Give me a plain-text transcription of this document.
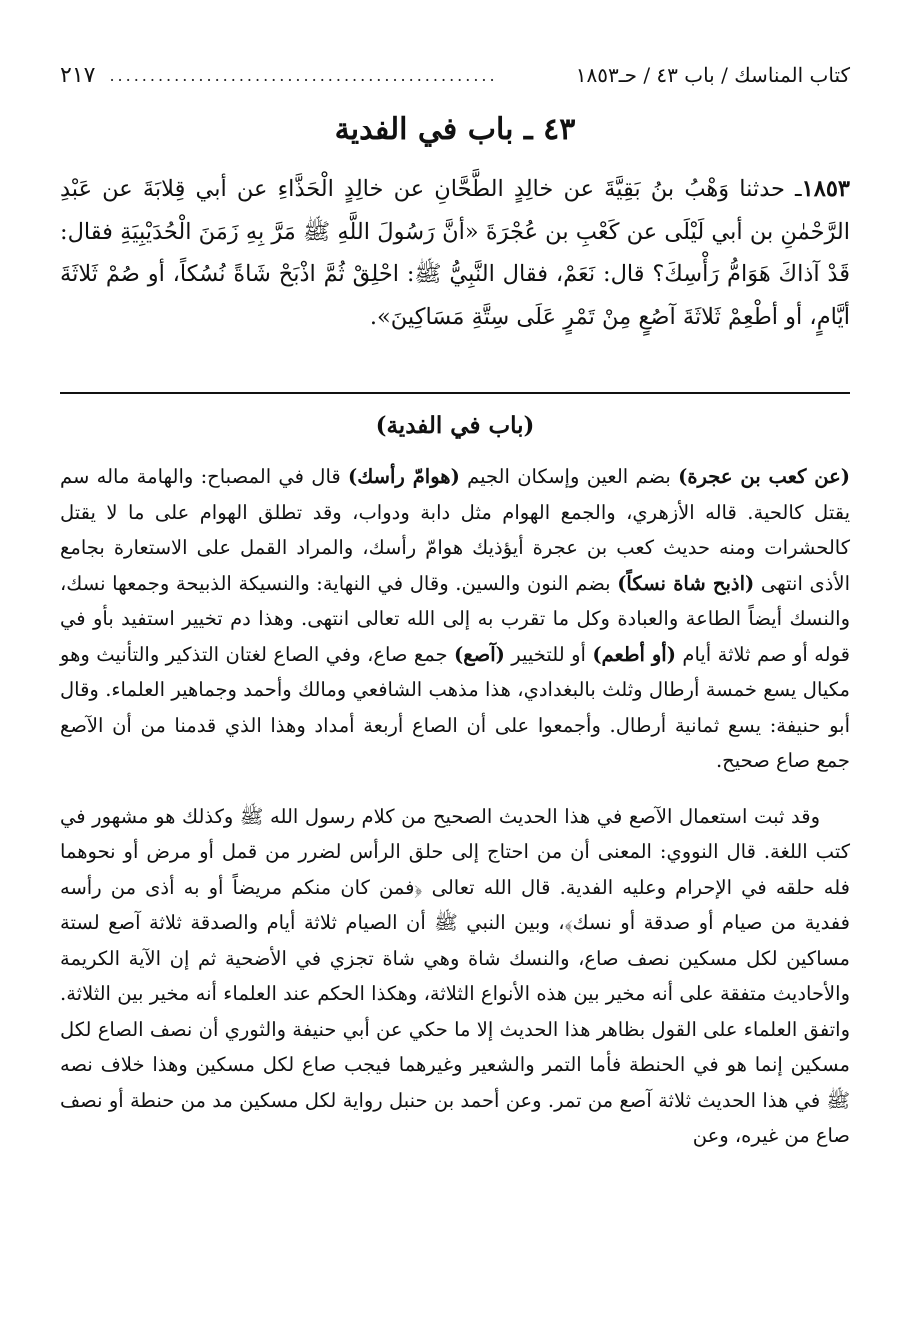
كتاب المناسك / باب ٤٣ / حـ١٨٥٣
................................................
٢١٧
٤٣ ـ باب في الفدية
١٨٥٣ـ حدثنا وَهْبُ بنُ بَقِيَّةَ عن خالِدٍ الطَّحَّانِ عن خالِدٍ الْحَذَّاءِ عن أبي قِلابَةَ عن عَبْدِ الرَّحْمٰنِ بن أبي لَيْلَى عن كَعْبِ بن عُجْرَةَ «أنَّ رَسُولَ اللَّهِ ﷺ مَرَّ بِهِ زَمَنَ الْحُدَيْبِيَةِ فقال: قَدْ آذاكَ هَوَامُّ رَأْسِكَ؟ قال: نَعَمْ، فقال النَّبِيُّ ﷺ: احْلِقْ ثُمَّ اذْبَحْ شَاةً نُسُكاً، أو صُمْ ثَلاثَةَ أيَّامٍ، أو أطْعِمْ ثَلاثَةَ آصُعٍ مِنْ تَمْرٍ عَلَى سِتَّةِ مَسَاكِينَ».
(باب في الفدية)

(عن كعب بن عجرة) بضم العين وإسكان الجيم (هوامّ رأسك) قال في المصباح: والهامة ماله سم يقتل كالحية. قاله الأزهري، والجمع الهوام مثل دابة ودواب، وقد تطلق الهوام على ما لا يقتل كالحشرات ومنه حديث كعب بن عجرة أيؤذيك هوامّ رأسك، والمراد القمل على الاستعارة بجامع الأذى انتهى (اذبح شاة نسكاً) بضم النون والسين. وقال في النهاية: والنسيكة الذبيحة وجمعها نسك، والنسك أيضاً الطاعة والعبادة وكل ما تقرب به إلى الله تعالى انتهى. وهذا دم تخيير استفيد بأو في قوله أو صم ثلاثة أيام (أو أطعم) أو للتخيير (آصع) جمع صاع، وفي الصاع لغتان التذكير والتأنيث وهو مكيال يسع خمسة أرطال وثلث بالبغدادي، هذا مذهب الشافعي ومالك وأحمد وجماهير العلماء. وقال أبو حنيفة: يسع ثمانية أرطال. وأجمعوا على أن الصاع أربعة أمداد وهذا الذي قدمنا من أن الآصع جمع صاع صحيح.

وقد ثبت استعمال الآصع في هذا الحديث الصحيح من كلام رسول الله ﷺ وكذلك هو مشهور في كتب اللغة. قال النووي: المعنى أن من احتاج إلى حلق الرأس لضرر من قمل أو مرض أو نحوهما فله حلقه في الإحرام وعليه الفدية. قال الله تعالى ﴿فمن كان منكم مريضاً أو به أذى من رأسه ففدية من صيام أو صدقة أو نسك﴾، وبين النبي ﷺ أن الصيام ثلاثة أيام والصدقة ثلاثة آصع لستة مساكين لكل مسكين نصف صاع، والنسك شاة وهي شاة تجزي في الأضحية ثم إن الآية الكريمة والأحاديث متفقة على أنه مخير بين هذه الأنواع الثلاثة، وهكذا الحكم عند العلماء أنه مخير بين الثلاثة. واتفق العلماء على القول بظاهر هذا الحديث إلا ما حكي عن أبي حنيفة والثوري أن نصف الصاع لكل مسكين إنما هو في الحنطة فأما التمر والشعير وغيرهما فيجب صاع لكل مسكين وهذا خلاف نصه ﷺ في هذا الحديث ثلاثة آصع من تمر. وعن أحمد بن حنبل رواية لكل مسكين مد من حنطة أو نصف صاع من غيره، وعن
